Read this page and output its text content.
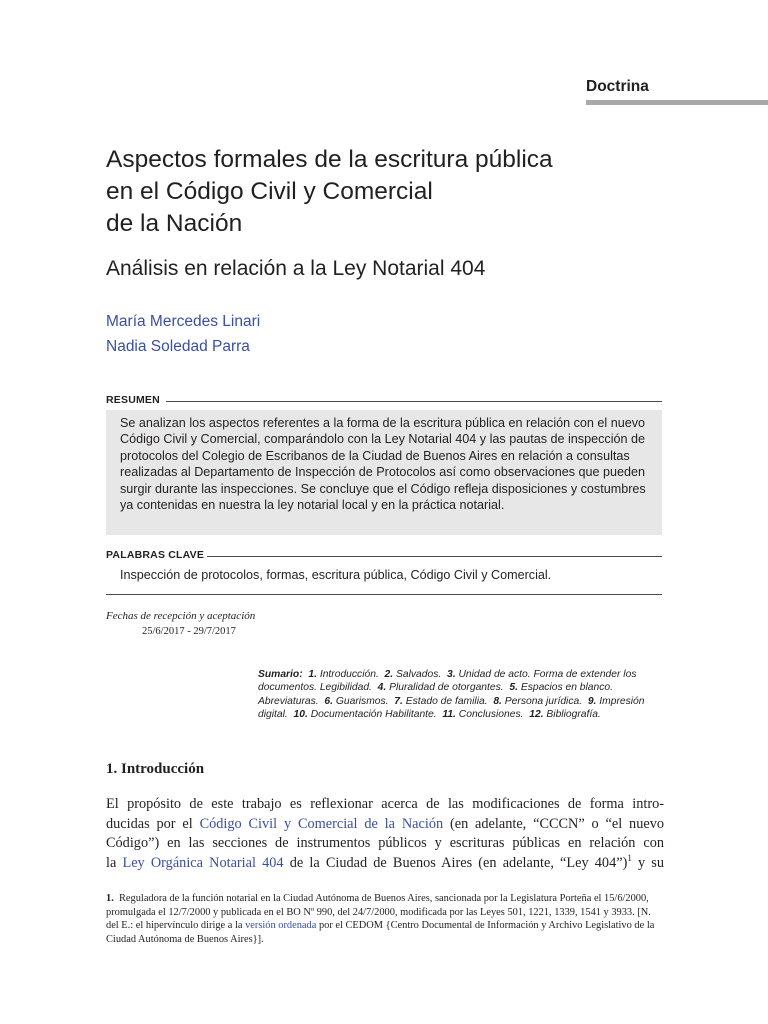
Doctrina
Aspectos formales de la escritura pública
en el Código Civil y Comercial
de la Nación
Análisis en relación a la Ley Notarial 404
María Mercedes Linari
Nadia Soledad Parra
RESUMEN

Se analizan los aspectos referentes a la forma de la escritura pública en relación con el nuevo Código Civil y Comercial, comparándolo con la Ley Notarial 404 y las pautas de inspección de protocolos del Colegio de Escribanos de la Ciudad de Buenos Aires en relación a consultas realizadas al Departamento de Inspección de Protocolos así como observaciones que pueden surgir durante las inspecciones. Se concluye que el Código refleja disposiciones y costumbres ya contenidas en nuestra la ley notarial local y en la práctica notarial.

PALABRAS CLAVE
Inspección de protocolos, formas, escritura pública, Código Civil y Comercial.
Fechas de recepción y aceptación
25/6/2017 - 29/7/2017

Sumario: 1. Introducción. 2. Salvados. 3. Unidad de acto. Forma de extender los documentos. Legibilidad. 4. Pluralidad de otorgantes. 5. Espacios en blanco. Abreviaturas. 6. Guarismos. 7. Estado de familia. 8. Persona jurídica. 9. Impresión digital. 10. Documentación Habilitante. 11. Conclusiones. 12. Bibliografía.

1. Introducción

El propósito de este trabajo es reflexionar acerca de las modificaciones de forma intro-
ducidas por el Código Civil y Comercial de la Nación (en adelante, “CCCN” o “el nuevo
Código”) en las secciones de instrumentos públicos y escrituras públicas en relación con
la Ley Orgánica Notarial 404 de la Ciudad de Buenos Aires (en adelante, “Ley 404”)$^1$ y su

1. Reguladora de la función notarial en la Ciudad Autónoma de Buenos Aires, sancionada por la Legislatura Porteña el 15/6/2000, promulgada el 12/7/2000 y publicada en el BO Nº 990, del 24/7/2000, modificada por las Leyes 501, 1221, 1339, 1541 y 3933. [N. del E.: el hipervínculo dirige a la versión ordenada por el CEDOM {Centro Documental de Información y Archivo Legislativo de la Ciudad Autónoma de Buenos Aires}].
